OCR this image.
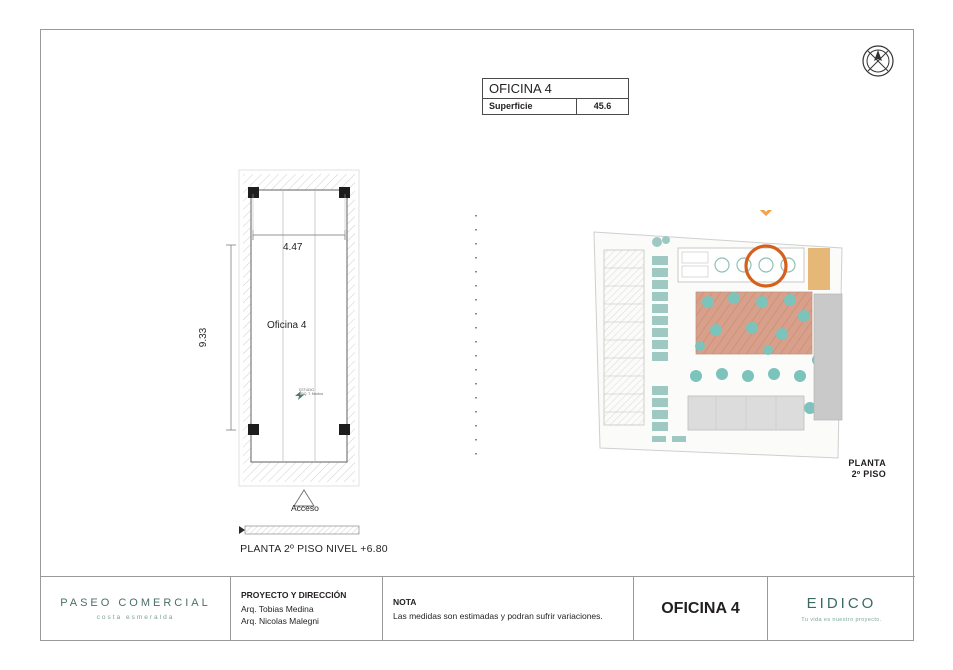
OFICINA 4
Superficie	45.6
4.47
9.33
Oficina 4
Acceso
ESTUDIO
ARQ. T. Medina
PLANTA 2º PISO NIVEL +6.80
PLANTA
2º PISO
PASEO COMERCIAL
costa esmeralda
PROYECTO Y DIRECCIÓN
Arq. Tobias Medina
Arq. Nicolas Malegni
NOTA
Las medidas son estimadas y podran sufrir variaciones.	OFICINA 4	EIDICO
Tu vida es nuestro proyecto.
